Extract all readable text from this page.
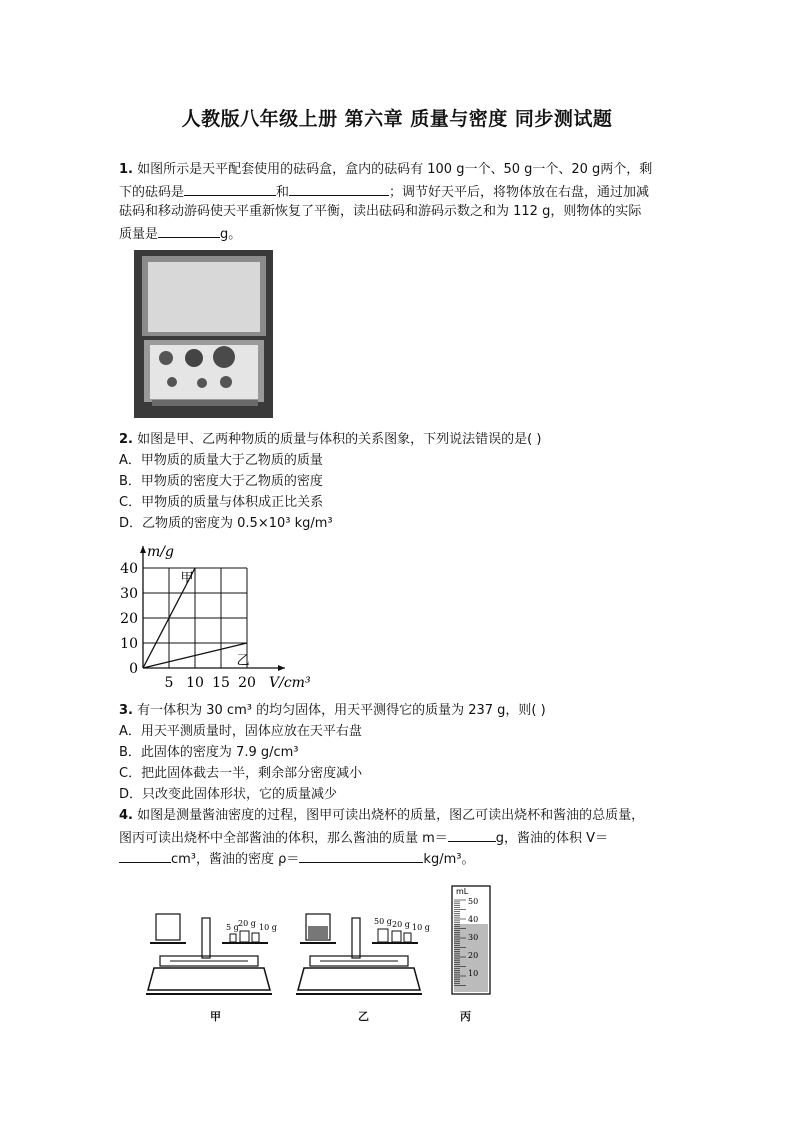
人教版八年级上册 第六章 质量与密度 同步测试题
1. 如图所示是天平配套使用的砝码盒，盒内的砝码有 100 g一个、50 g一个、20 g两个，剩
下的砝码是	和	；调节好天平后，将物体放在右盘，通过加减
砝码和移动游码使天平重新恢复了平衡，读出砝码和游码示数之和为 112 g，则物体的实际
质量是	g。
2. 如图是甲、乙两种物质的质量与体积的关系图象，下列说法错误的是( )
A．甲物质的质量大于乙物质的质量
B．甲物质的密度大于乙物质的密度
C．甲物质的质量与体积成正比关系
D．乙物质的密度为 0.5×10³ kg/m³
甲
乙
0
10
20
30
40
5 10 15 20
m/g
V/cm³
3. 有一体积为 30 cm³ 的均匀固体，用天平测得它的质量为 237 g，则( )
A．用天平测质量时，固体应放在天平右盘
B．此固体的密度为 7.9 g/cm³
C．把此固体截去一半，剩余部分密度减小
D．只改变此固体形状，它的质量减少
4. 如图是测量酱油密度的过程，图甲可读出烧杯的质量，图乙可读出烧杯和酱油的总质量，
图丙可读出烧杯中全部酱油的体积，那么酱油的质量 m＝	g，酱油的体积 V＝
cm³，酱油的密度 ρ＝	kg/m³。
5 g 20 g 10 g
50 g 20 g 10 g
mL
50
40
30
20
10
甲	乙	丙
